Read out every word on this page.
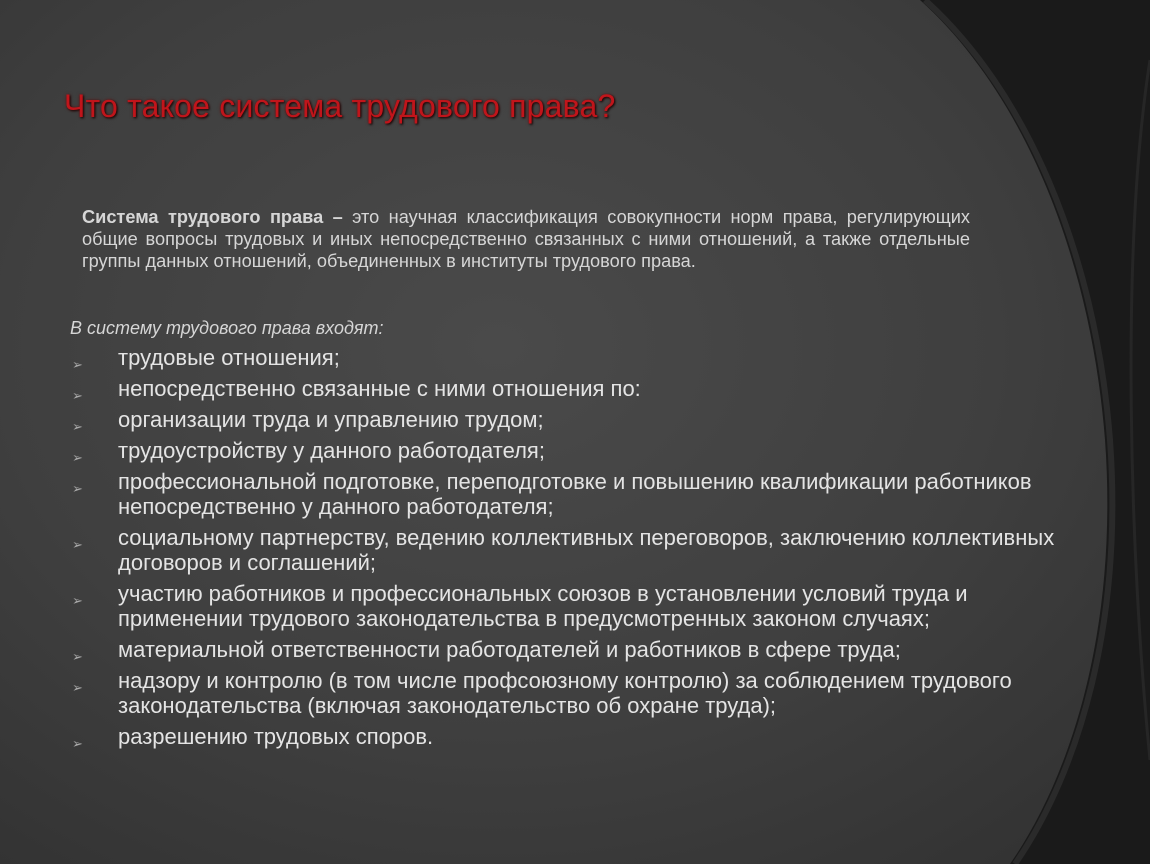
Что такое система трудового права?

Система трудового права – это научная классификация совокупности норм права, регулирующих общие вопросы трудовых и иных непосредственно связанных с ними отношений, а также отдельные группы данных отношений, объединенных в институты трудового права.

В систему трудового права входят:

➢ трудовые отношения;
➢ непосредственно связанные с ними отношения по:
➢ организации труда и управлению трудом;
➢ трудоустройству у данного работодателя;
➢ профессиональной подготовке, переподготовке и повышению квалификации работников непосредственно у данного работодателя;
➢ социальному партнерству, ведению коллективных переговоров, заключению коллективных договоров и соглашений;
➢ участию работников и профессиональных союзов в установлении условий труда и применении трудового законодательства в предусмотренных законом случаях;
➢ материальной ответственности работодателей и работников в сфере труда;
➢ надзору и контролю (в том числе профсоюзному контролю) за соблюдением трудового законодательства (включая законодательство об охране труда);
➢ разрешению трудовых споров.
